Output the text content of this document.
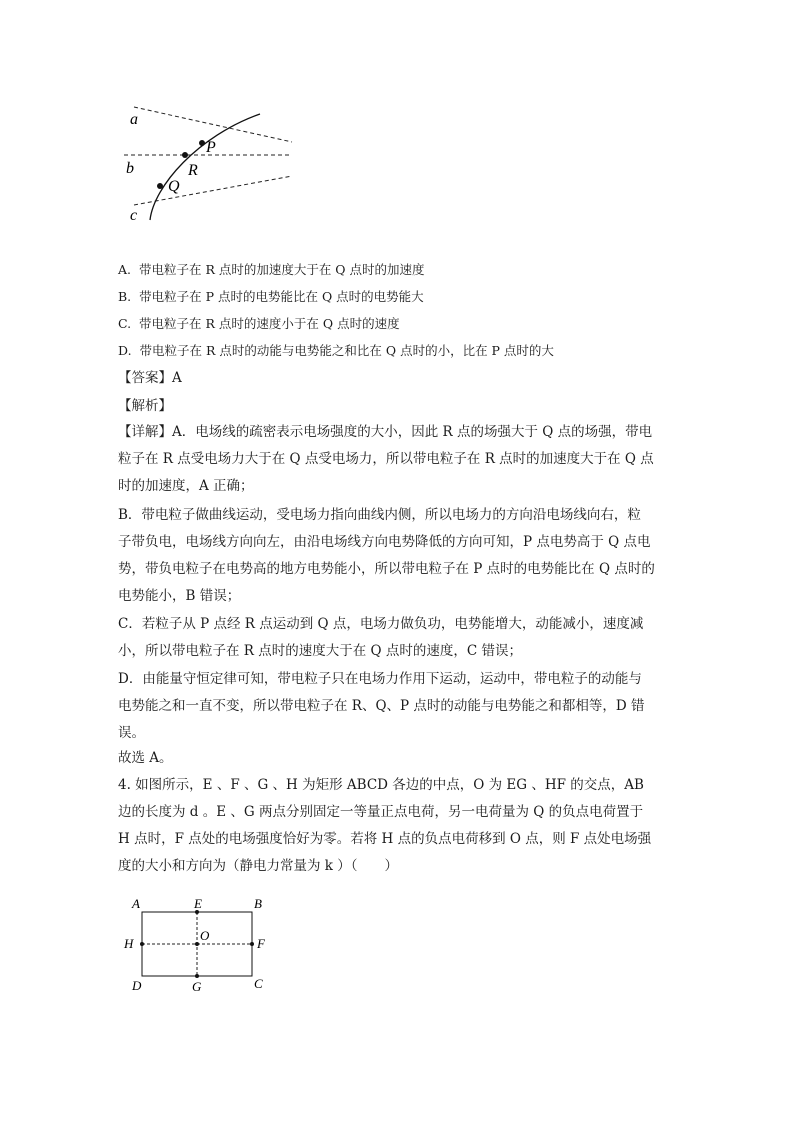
a
b
c
P
R
Q
A. 带电粒子在 R 点时的加速度大于在 Q 点时的加速度
B. 带电粒子在 P 点时的电势能比在 Q 点时的电势能大
C. 带电粒子在 R 点时的速度小于在 Q 点时的速度
D. 带电粒子在 R 点时的动能与电势能之和比在 Q 点时的小，比在 P 点时的大
【答案】A
【解析】
【详解】A．电场线的疏密表示电场强度的大小，因此 R 点的场强大于 Q 点的场强，带电
粒子在 R 点受电场力大于在 Q 点受电场力，所以带电粒子在 R 点时的加速度大于在 Q 点
时的加速度，A 正确；
B．带电粒子做曲线运动，受电场力指向曲线内侧，所以电场力的方向沿电场线向右，粒
子带负电，电场线方向向左，由沿电场线方向电势降低的方向可知，P 点电势高于 Q 点电
势，带负电粒子在电势高的地方电势能小，所以带电粒子在 P 点时的电势能比在 Q 点时的
电势能小，B 错误；
C．若粒子从 P 点经 R 点运动到 Q 点，电场力做负功，电势能增大，动能减小，速度减
小，所以带电粒子在 R 点时的速度大于在 Q 点时的速度，C 错误；
D．由能量守恒定律可知，带电粒子只在电场力作用下运动，运动中，带电粒子的动能与
电势能之和一直不变，所以带电粒子在 R、Q、P 点时的动能与电势能之和都相等，D 错
误。
故选 A。
4. 如图所示，E 、F 、G 、H 为矩形 ABCD 各边的中点，O 为 EG 、HF 的交点，AB
边的长度为 d 。E 、G 两点分别固定一等量正点电荷，另一电荷量为 Q 的负点电荷置于
H 点时，F 点处的电场强度恰好为零。若将 H 点的负点电荷移到 O 点，则 F 点处电场强
度的大小和方向为（静电力常量为 k ）（　　）
A	E	B
H
O
F
D	G	C
